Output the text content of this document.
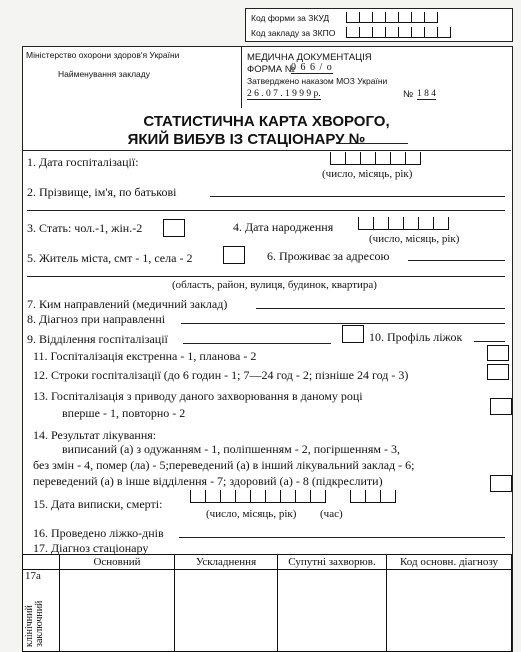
Код форми за ЗКУД
Код закладу за ЗКПО
Міністерство охорони здоров'я України
Найменування закладу
МЕДИЧНА ДОКУМЕНТАЦІЯ
ФОРМА №
0 6 6 / о
Затверджено наказом МОЗ України
2 6 . 0 7 . 1 9 9 9 р.	№ 1 8 4
СТАТИСТИЧНА КАРТА ХВОРОГО,
ЯКИЙ ВИБУВ ІЗ СТАЦІОНАРУ №
1. Дата госпіталізації:
(число, місяць, рік)
2. Прізвище, ім'я, по батькові
3. Стать: чол.-1, жін.-2	4. Дата народження
(число, місяць, рік)
5. Житель міста, смт - 1, села - 2	6. Проживає за адресою
(область, район, вулиця, будинок, квартира)
7. Ким направлений (медичний заклад)
8. Діагноз при направленні
9. Відділення госпіталізації	10. Профіль ліжок
11. Госпіталізація екстренна - 1, планова - 2
12. Строки госпіталізації (до 6 годин - 1; 7—24 год - 2; пізніше 24 год - 3)
13. Госпіталізація з приводу даного захворювання в даному році
вперше - 1, повторно - 2
14. Результат лікування:
виписаний (а) з одужанням - 1, поліпшенням - 2, погіршенням - 3,
без змін - 4, помер (ла) - 5;переведений (а) в інший лікувальний заклад - 6;
переведений (а) в інше відділення - 7; здоровий (а) - 8 (підкреслити)
15. Дата виписки, смерті:
(число, місяць, рік) (час)
16. Проведено ліжко-днів
17. Діагноз стаціонару
	Основний	Ускладнення	Супутні захворюв.	Код основн. діагнозу

17а
клінічний заключний				
